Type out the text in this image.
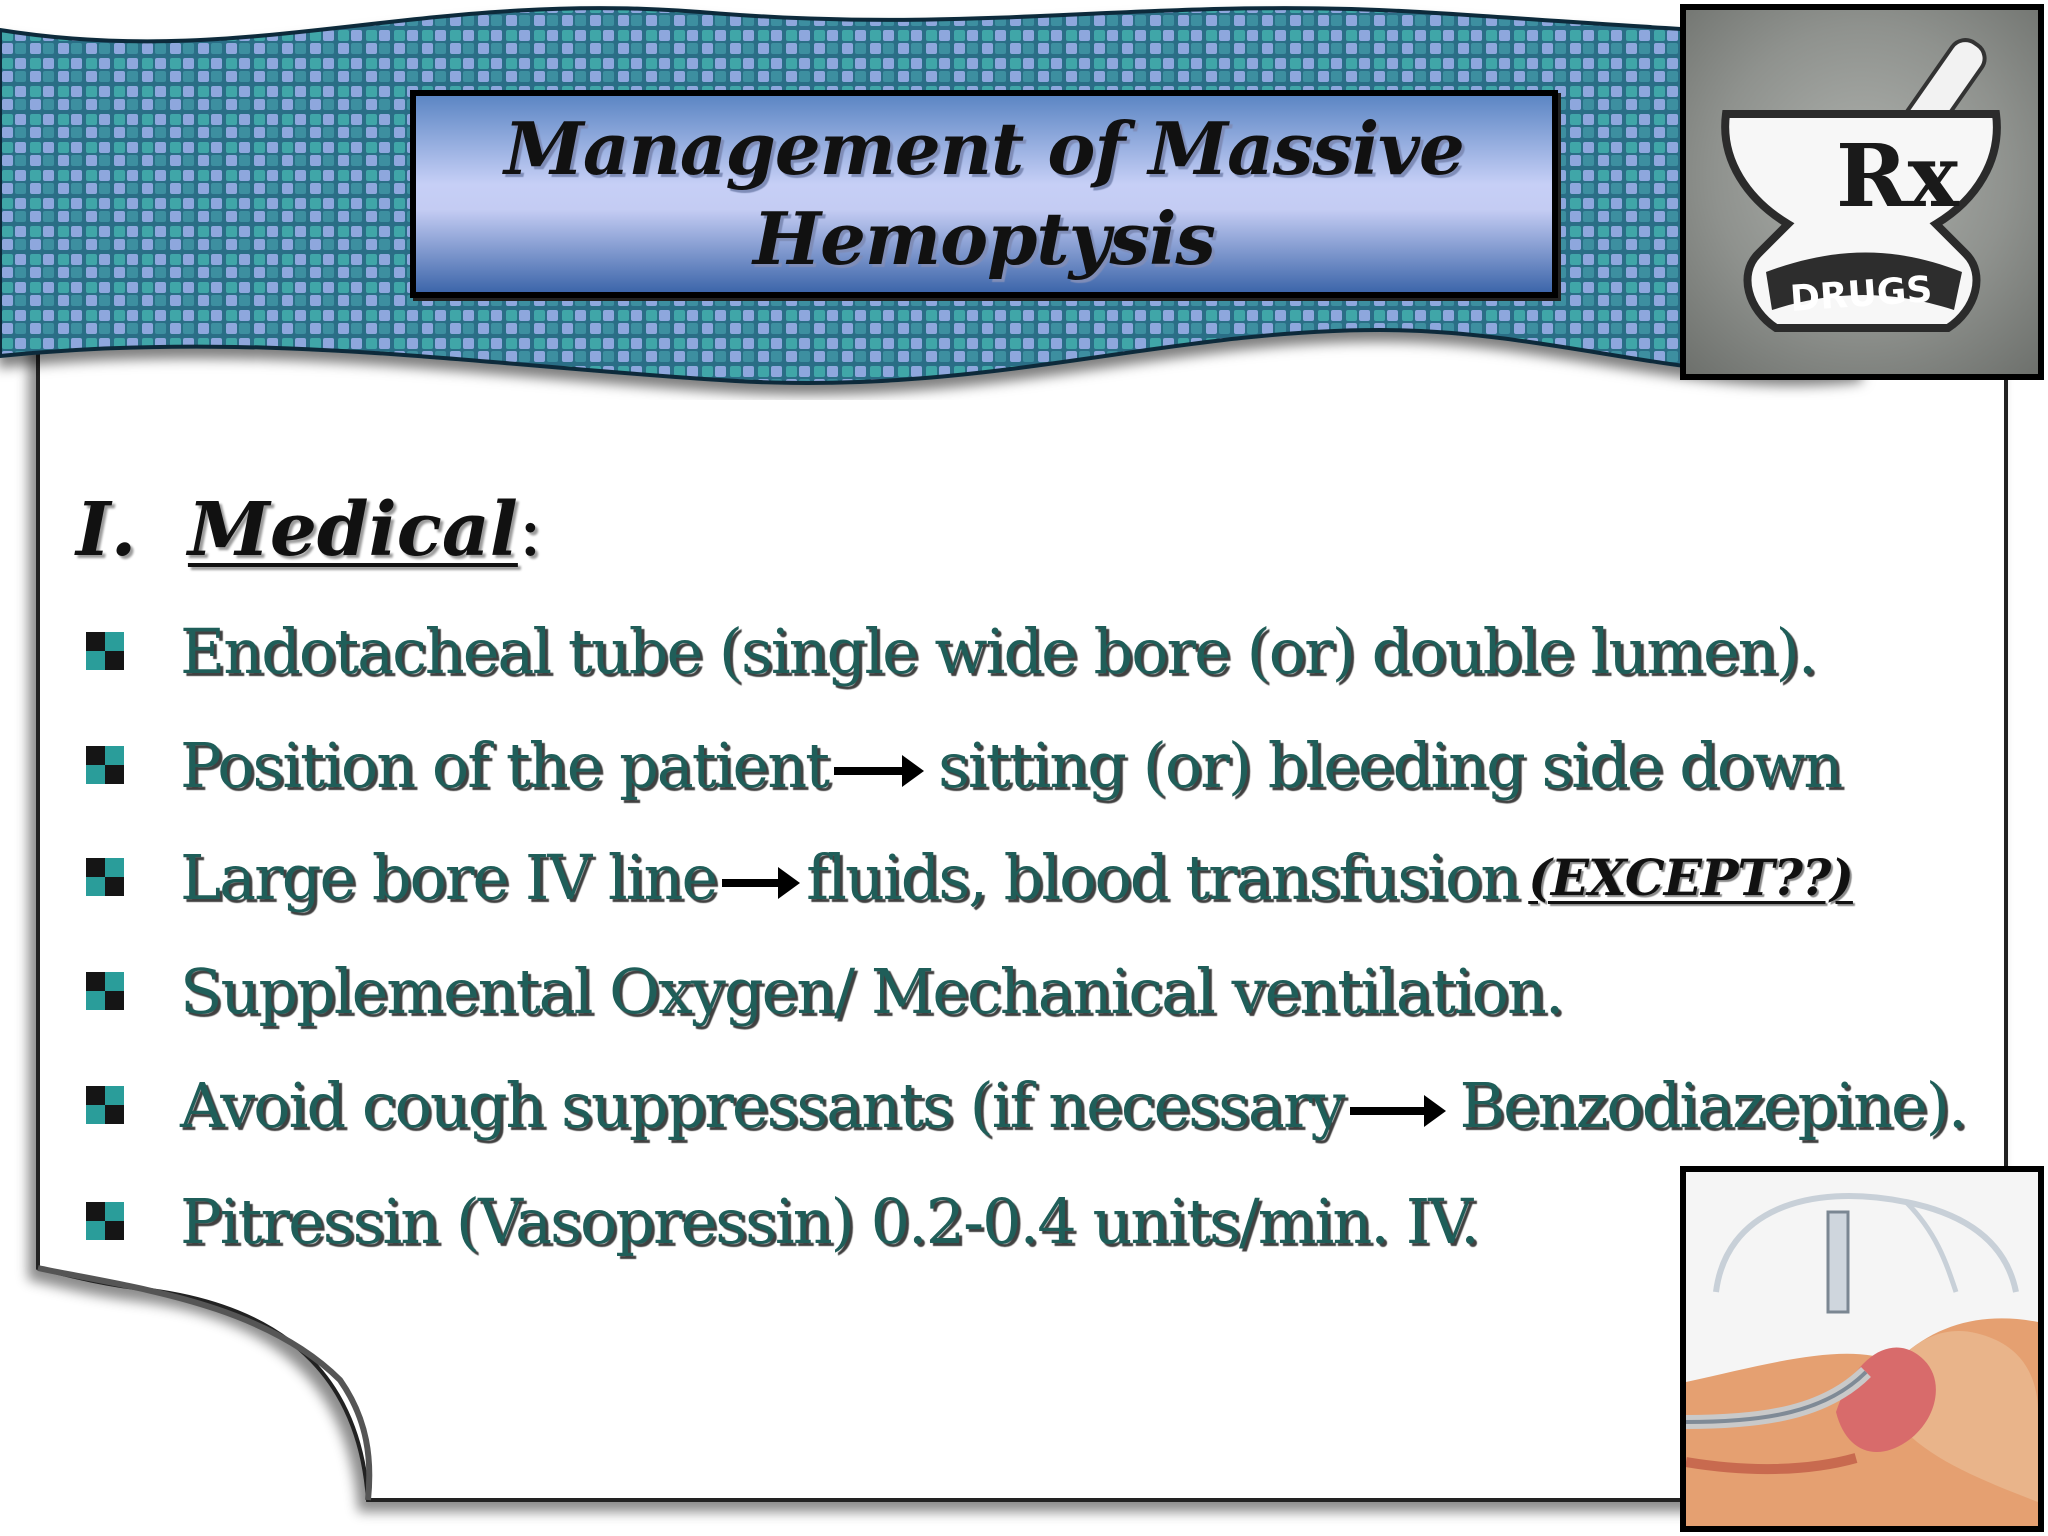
Management of Massive
Hemoptysis
Rx
DRUGS
I. Medical:
Endotacheal tube (single wide bore (or) double lumen).
Position of the patient sitting (or) bleeding side down
Large bore IV line fluids, blood transfusion (EXCEPT??)
Supplemental Oxygen/ Mechanical ventilation.
Avoid cough suppressants (if necessary Benzodiazepine).
Pitressin (Vasopressin) 0.2-0.4 units/min. IV.
